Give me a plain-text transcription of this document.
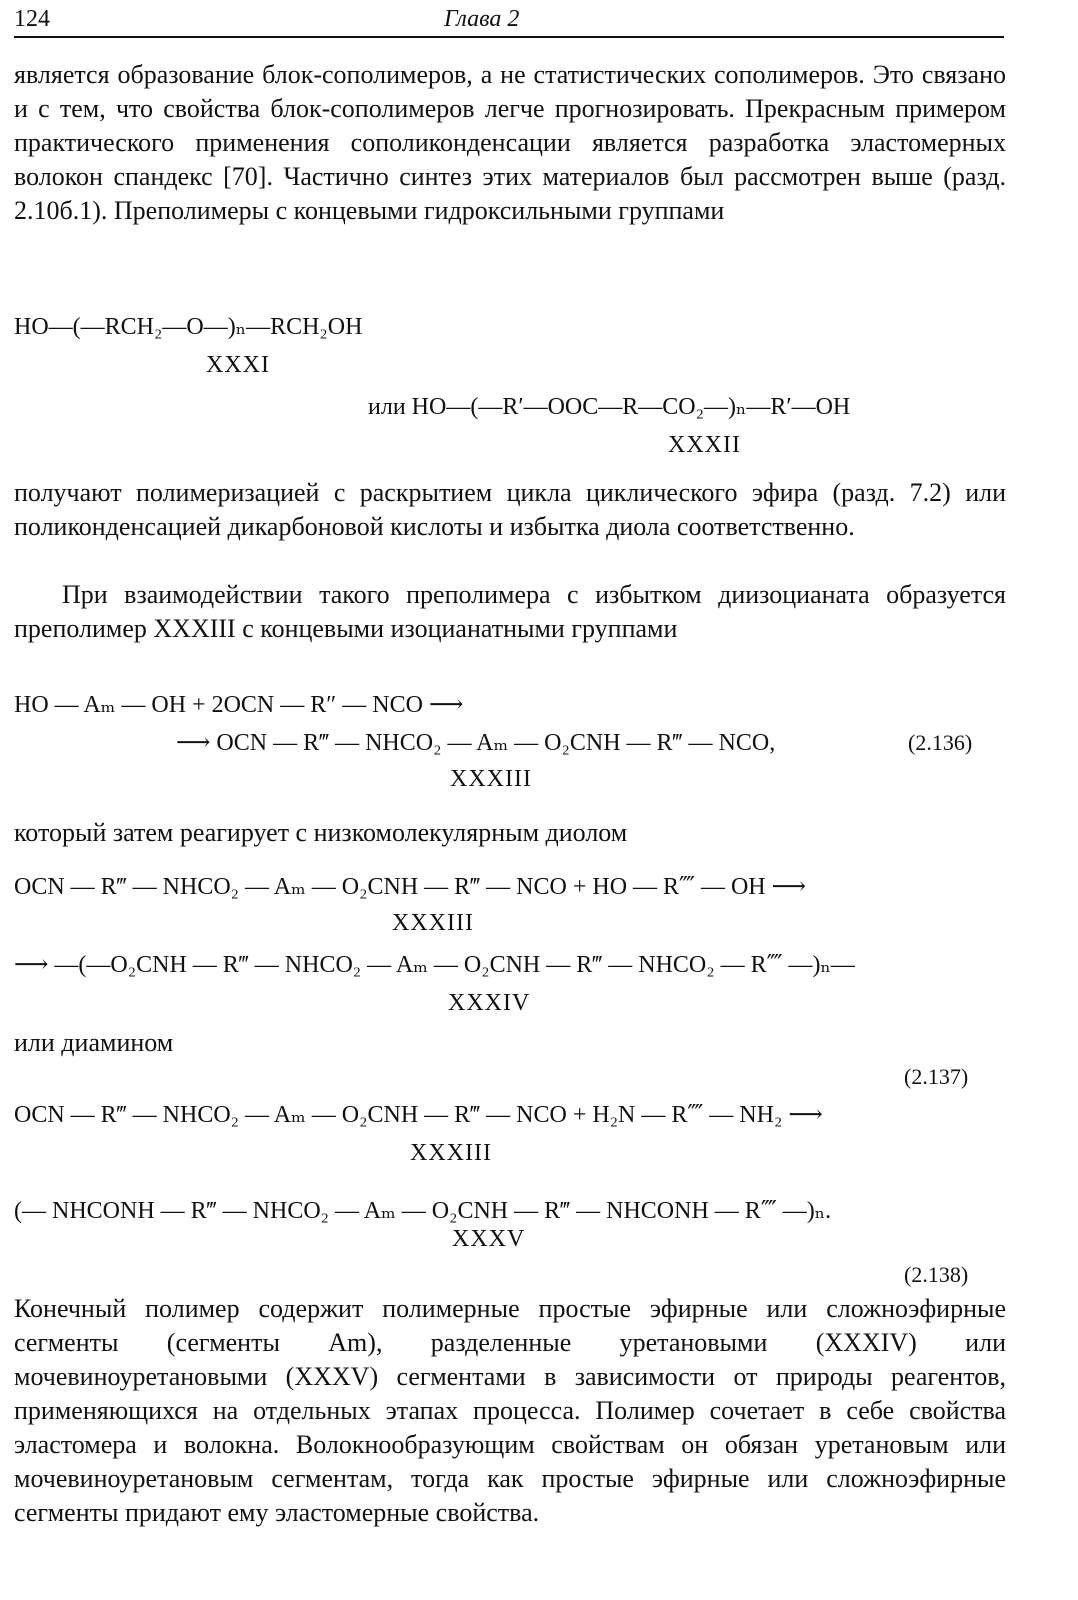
124	Глава 2

является образование блок-сополимеров, а не статистических сополимеров. Это связано и с тем, что свойства блок-сополимеров легче прогнозировать. Прекрасным примером практического применения сополиконденсации является разработка эластомерных волокон спандекс [70]. Частично синтез этих материалов был рассмотрен выше (разд. 2.10б.1). Преполимеры с концевыми гидроксильными группами

HO—(—RCH₂—O—)ₙ—RCH₂OH
XXXI
или HO—(—R′—OOC—R—CO₂—)ₙ—R′—OH
XXXII

получают полимеризацией с раскрытием цикла циклического эфира (разд. 7.2) или поликонденсацией дикарбоновой кислоты и избытка диола соответственно.

При взаимодействии такого преполимера с избытком диизоцианата образуется преполимер XXXIII с концевыми изоцианатными группами

HO — Aₘ — OH + 2OCN — R″ — NCO ⟶
⟶ OCN — R‴ — NHCO₂ — Aₘ — O₂CNH — R‴ — NCO,	(2.136)
XXXIII

который затем реагирует с низкомолекулярным диолом

OCN — R‴ — NHCO₂ — Aₘ — O₂CNH — R‴ — NCO + HO — R⁗ — OH ⟶
XXXIII
⟶ —(—O₂CNH — R‴ — NHCO₂ — Aₘ — O₂CNH — R‴ — NHCO₂ — R⁗ —)ₙ—
XXXIV

или диамином

(2.137)
OCN — R‴ — NHCO₂ — Aₘ — O₂CNH — R‴ — NCO + H₂N — R⁗ — NH₂ ⟶
XXXIII
(— NHCONH — R‴ — NHCO₂ — Aₘ — O₂CNH — R‴ — NHCONH — R⁗ —)ₙ.
XXXV
(2.138)

Конечный полимер содержит полимерные простые эфирные или сложноэфирные сегменты (сегменты Am), разделенные уретановыми (XXXIV) или мочевиноуретановыми (XXXV) сегментами в зависимости от природы реагентов, применяющихся на отдельных этапах процесса. Полимер сочетает в себе свойства эластомера и волокна. Волокнообразующим свойствам он обязан уретановым или мочевиноуретановым сегментам, тогда как простые эфирные или сложноэфирные сегменты придают ему эластомерные свойства.
